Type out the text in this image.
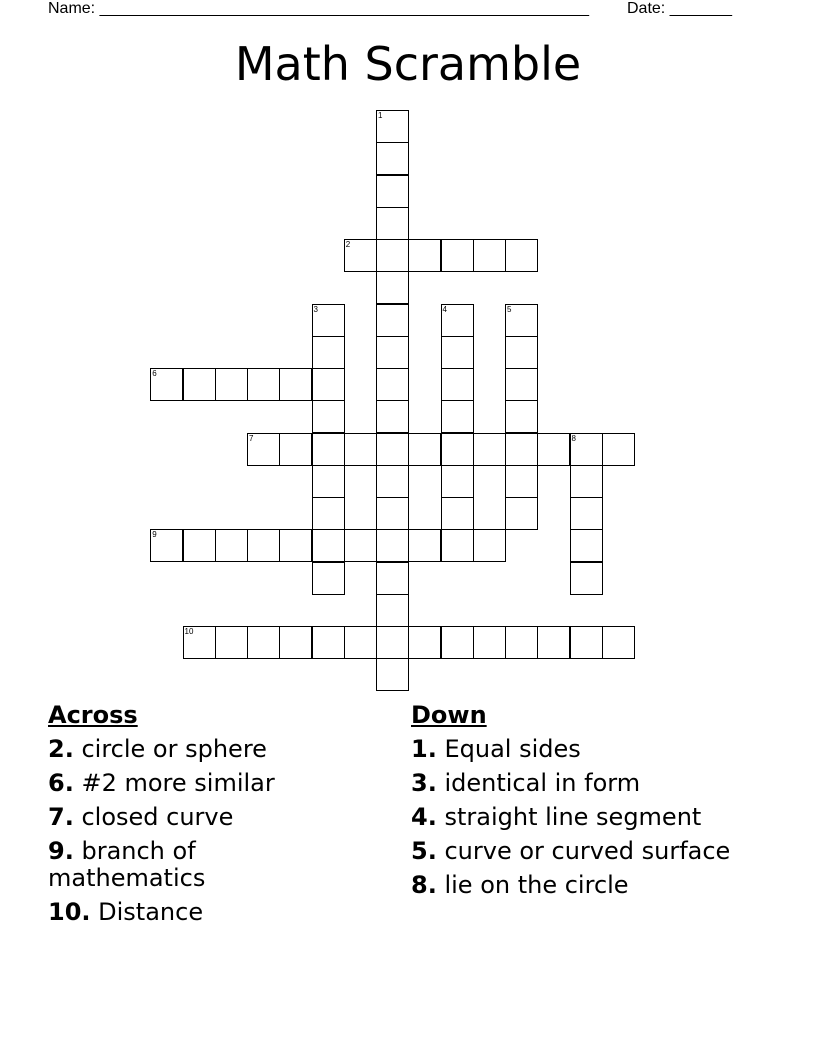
Name: _______________________________________________________ Date: _______
Math Scramble
1
2
3	4	5
6
7	8
9
10
Across
2. circle or sphere
6. #2 more similar
7. closed curve
9. branch of mathematics
10. Distance
Down
1. Equal sides
3. identical in form
4. straight line segment
5. curve or curved surface
8. lie on the circle
